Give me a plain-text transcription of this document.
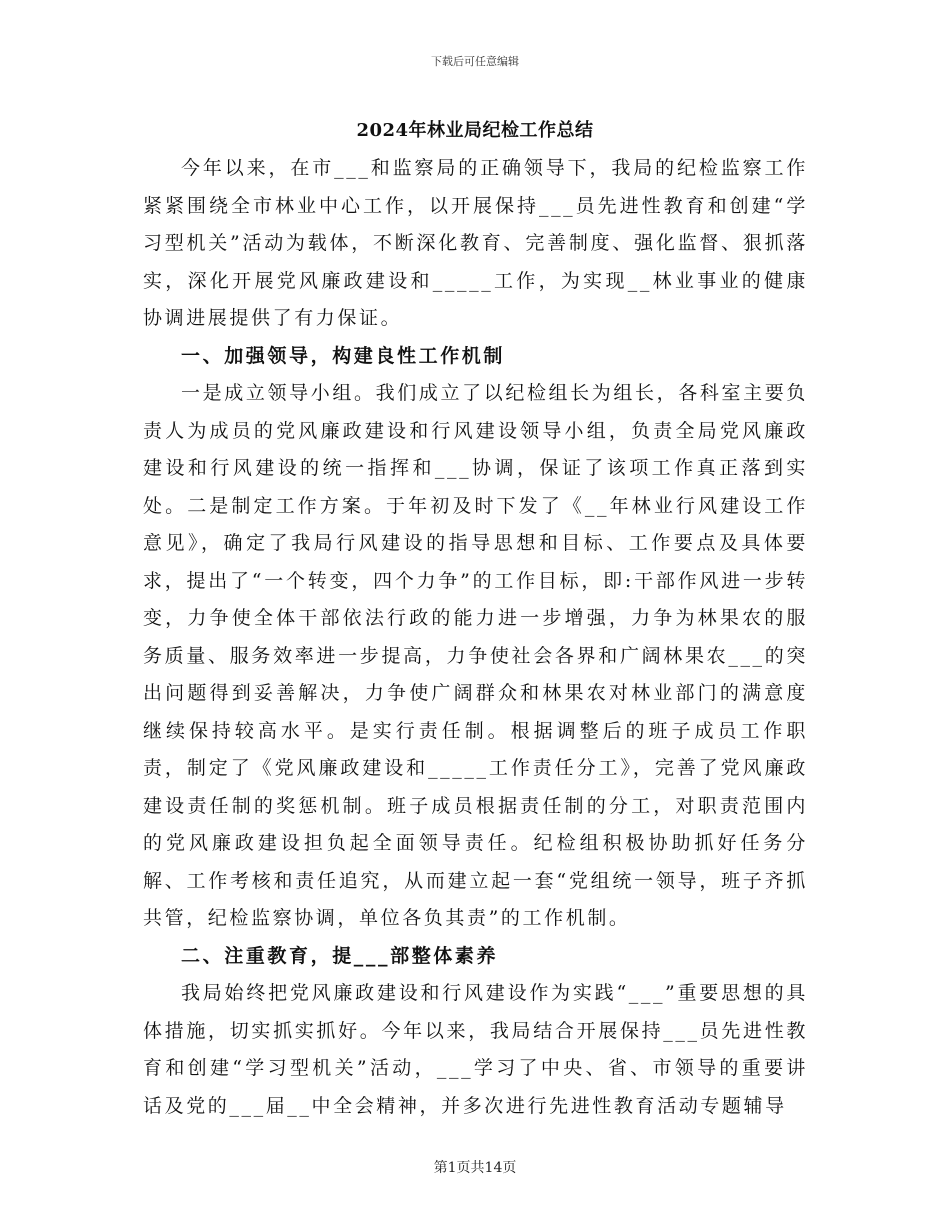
下载后可任意编辑
2024年林业局纪检工作总结

今年以来，在市___和监察局的正确领导下，我局的纪检监察工作紧紧围绕全市林业中心工作，以开展保持___员先进性教育和创建“学习型机关”活动为载体，不断深化教育、完善制度、强化监督、狠抓落实，深化开展党风廉政建设和_____工作，为实现__林业事业的健康协调进展提供了有力保证。

一、加强领导，构建良性工作机制

一是成立领导小组。我们成立了以纪检组长为组长，各科室主要负责人为成员的党风廉政建设和行风建设领导小组，负责全局党风廉政建设和行风建设的统一指挥和___协调，保证了该项工作真正落到实处。二是制定工作方案。于年初及时下发了《__年林业行风建设工作意见》，确定了我局行风建设的指导思想和目标、工作要点及具体要求，提出了“一个转变，四个力争”的工作目标，即:干部作风进一步转变，力争使全体干部依法行政的能力进一步增强，力争为林果农的服务质量、服务效率进一步提高，力争使社会各界和广阔林果农___的突出问题得到妥善解决，力争使广阔群众和林果农对林业部门的满意度继续保持较高水平。是实行责任制。根据调整后的班子成员工作职责，制定了《党风廉政建设和_____工作责任分工》，完善了党风廉政建设责任制的奖惩机制。班子成员根据责任制的分工，对职责范围内的党风廉政建设担负起全面领导责任。纪检组积极协助抓好任务分解、工作考核和责任追究，从而建立起一套“党组统一领导，班子齐抓共管，纪检监察协调，单位各负其责”的工作机制。

二、注重教育，提___部整体素养

我局始终把党风廉政建设和行风建设作为实践“___”重要思想的具体措施，切实抓实抓好。今年以来，我局结合开展保持___员先进性教育和创建“学习型机关”活动，___学习了中央、省、市领导的重要讲话及党的___届__中全会精神，并多次进行先进性教育活动专题辅导

第1页共14页
